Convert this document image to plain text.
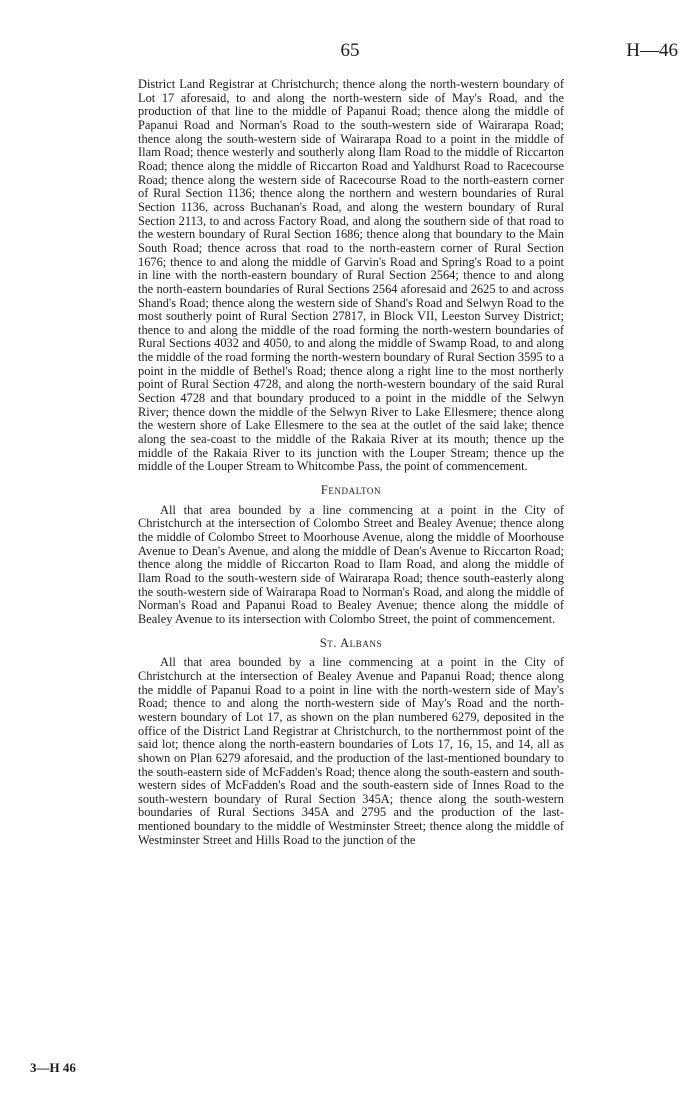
65	H—46

District Land Registrar at Christchurch; thence along the north-western boundary of Lot 17 aforesaid, to and along the north-western side of May's Road, and the production of that line to the middle of Papanui Road; thence along the middle of Papanui Road and Norman's Road to the south-western side of Wairarapa Road; thence along the south-western side of Wairarapa Road to a point in the middle of Ilam Road; thence westerly and southerly along Ilam Road to the middle of Riccarton Road; thence along the middle of Riccarton Road and Yaldhurst Road to Racecourse Road; thence along the western side of Racecourse Road to the north-eastern corner of Rural Section 1136; thence along the northern and western boundaries of Rural Section 1136, across Buchanan's Road, and along the western boundary of Rural Section 2113, to and across Factory Road, and along the southern side of that road to the western boundary of Rural Section 1686; thence along that boundary to the Main South Road; thence across that road to the north-eastern corner of Rural Section 1676; thence to and along the middle of Garvin's Road and Spring's Road to a point in line with the north-eastern boundary of Rural Section 2564; thence to and along the north-eastern boundaries of Rural Sections 2564 aforesaid and 2625 to and across Shand's Road; thence along the western side of Shand's Road and Selwyn Road to the most southerly point of Rural Section 27817, in Block VII, Leeston Survey District; thence to and along the middle of the road forming the north-western boundaries of Rural Sections 4032 and 4050, to and along the middle of Swamp Road, to and along the middle of the road forming the north-western boundary of Rural Section 3595 to a point in the middle of Bethel's Road; thence along a right line to the most northerly point of Rural Section 4728, and along the north-western boundary of the said Rural Section 4728 and that boundary produced to a point in the middle of the Selwyn River; thence down the middle of the Selwyn River to Lake Ellesmere; thence along the western shore of Lake Ellesmere to the sea at the outlet of the said lake; thence along the sea-coast to the middle of the Rakaia River at its mouth; thence up the middle of the Rakaia River to its junction with the Louper Stream; thence up the middle of the Louper Stream to Whitcombe Pass, the point of commencement.

Fendalton

All that area bounded by a line commencing at a point in the City of Christchurch at the intersection of Colombo Street and Bealey Avenue; thence along the middle of Colombo Street to Moorhouse Avenue, along the middle of Moorhouse Avenue to Dean's Avenue, and along the middle of Dean's Avenue to Riccarton Road; thence along the middle of Riccarton Road to Ilam Road, and along the middle of Ilam Road to the south-western side of Wairarapa Road; thence south-easterly along the south-western side of Wairarapa Road to Norman's Road, and along the middle of Norman's Road and Papanui Road to Bealey Avenue; thence along the middle of Bealey Avenue to its intersection with Colombo Street, the point of commencement.

St. Albans

All that area bounded by a line commencing at a point in the City of Christchurch at the intersection of Bealey Avenue and Papanui Road; thence along the middle of Papanui Road to a point in line with the north-western side of May's Road; thence to and along the north-western side of May's Road and the north-western boundary of Lot 17, as shown on the plan numbered 6279, deposited in the office of the District Land Registrar at Christchurch, to the northernmost point of the said lot; thence along the north-eastern boundaries of Lots 17, 16, 15, and 14, all as shown on Plan 6279 aforesaid, and the production of the last-mentioned boundary to the south-eastern side of McFadden's Road; thence along the south-eastern and south-western sides of McFadden's Road and the south-eastern side of Innes Road to the south-western boundary of Rural Section 345A; thence along the south-western boundaries of Rural Sections 345A and 2795 and the production of the last-mentioned boundary to the middle of Westminster Street; thence along the middle of Westminster Street and Hills Road to the junction of the

3—H 46
